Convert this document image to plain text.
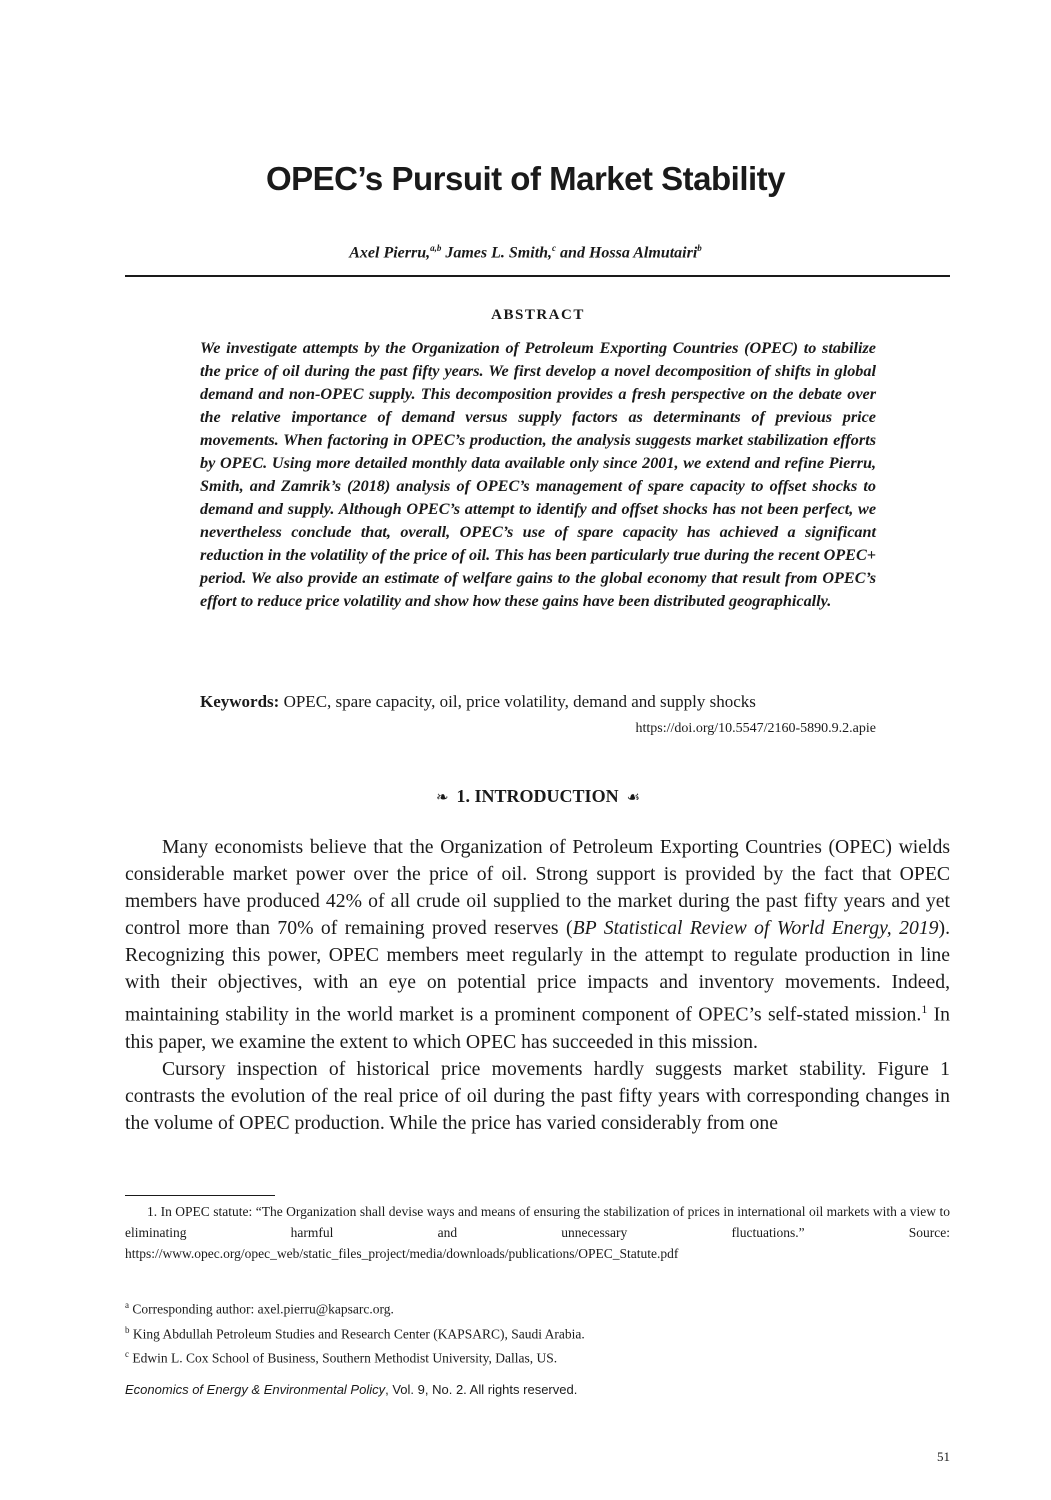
OPEC’s Pursuit of Market Stability
Axel Pierru,$^{a,b}$ James L. Smith,$^c$ and Hossa Almutairi$^b$
ABSTRACT
We investigate attempts by the Organization of Petroleum Exporting Countries (OPEC) to stabilize the price of oil during the past fifty years. We first develop a novel decomposition of shifts in global demand and non-OPEC supply. This decomposition provides a fresh perspective on the debate over the relative importance of demand versus supply factors as determinants of previous price movements. When factoring in OPEC’s production, the analysis suggests market stabilization efforts by OPEC. Using more detailed monthly data available only since 2001, we extend and refine Pierru, Smith, and Zamrik’s (2018) analysis of OPEC’s management of spare capacity to offset shocks to demand and supply. Although OPEC’s attempt to identify and offset shocks has not been perfect, we nevertheless conclude that, overall, OPEC’s use of spare capacity has achieved a significant reduction in the volatility of the price of oil. This has been particularly true during the recent OPEC+ period. We also provide an estimate of welfare gains to the global economy that result from OPEC’s effort to reduce price volatility and show how these gains have been distributed geographically.
Keywords: OPEC, spare capacity, oil, price volatility, demand and supply shocks
https://doi.org/10.5547/2160-5890.9.2.apie
❧ 1. INTRODUCTION ☙

Many economists believe that the Organization of Petroleum Exporting Countries (OPEC) wields considerable market power over the price of oil. Strong support is provided by the fact that OPEC members have produced 42% of all crude oil supplied to the market during the past fifty years and yet control more than 70% of remaining proved reserves (BP Statistical Review of World Energy, 2019). Recognizing this power, OPEC members meet regularly in the attempt to regulate production in line with their objectives, with an eye on potential price impacts and inventory movements. Indeed, maintaining stability in the world market is a prominent component of OPEC’s self-stated mission.$^1$ In this paper, we examine the extent to which OPEC has succeeded in this mission.

Cursory inspection of historical price movements hardly suggests market stability. Figure 1 contrasts the evolution of the real price of oil during the past fifty years with corresponding changes in the volume of OPEC production. While the price has varied considerably from one

1. In OPEC statute: “The Organization shall devise ways and means of ensuring the stabilization of prices in international oil markets with a view to eliminating harmful and unnecessary fluctuations.” Source: https://www.opec.org/opec_web/static_files_project/media/downloads/publications/OPEC_Statute.pdf
$^a$ Corresponding author: axel.pierru@kapsarc.org.
$^b$ King Abdullah Petroleum Studies and Research Center (KAPSARC), Saudi Arabia.
$^c$ Edwin L. Cox School of Business, Southern Methodist University, Dallas, US.
Economics of Energy & Environmental Policy, Vol. 9, No. 2. All rights reserved.
51
